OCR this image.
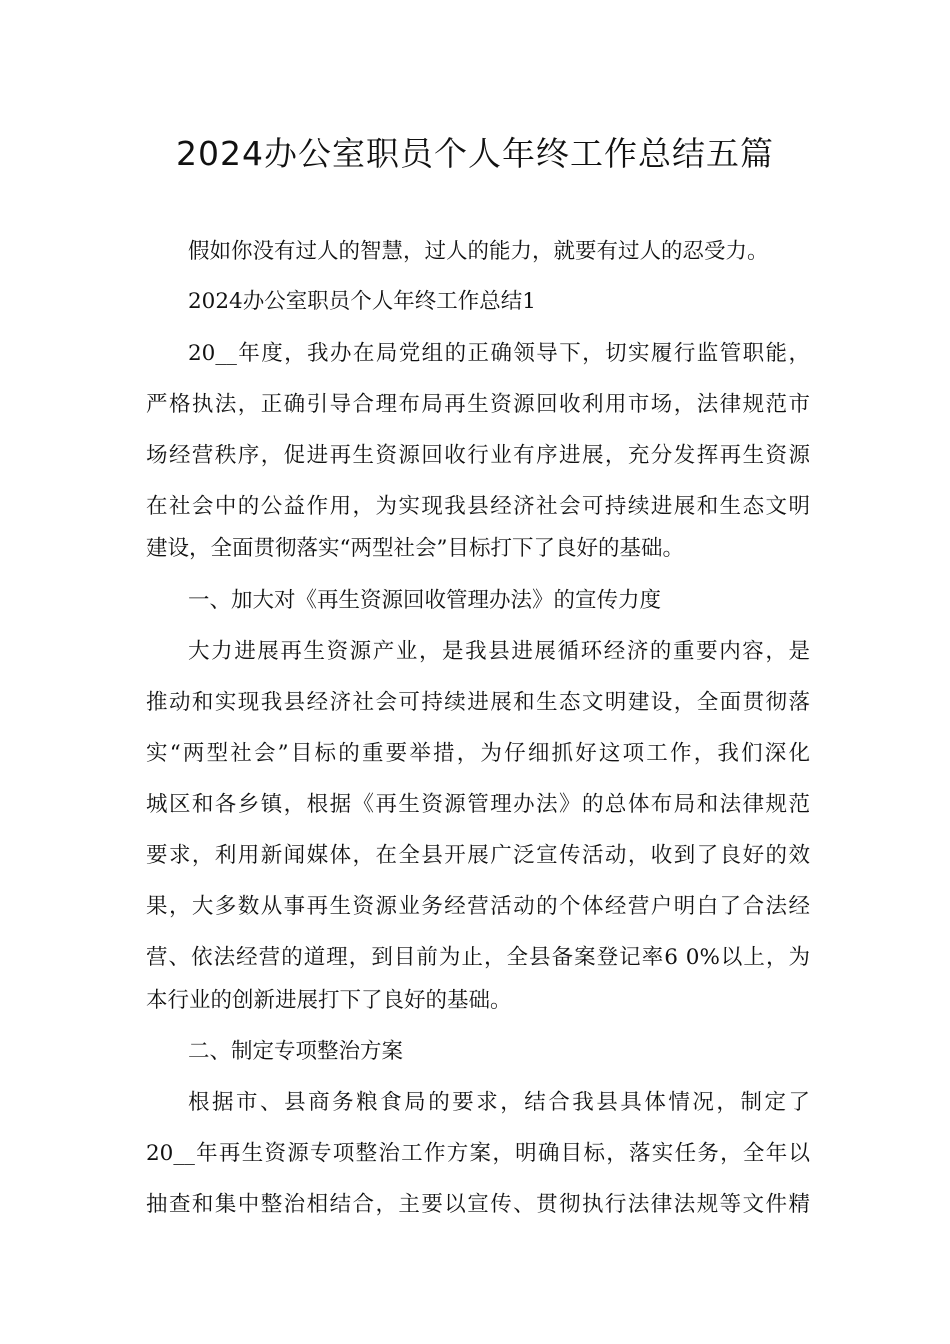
2024办公室职员个人年终工作总结五篇
假如你没有过人的智慧，过人的能力，就要有过人的忍受力。
2024办公室职员个人年终工作总结1
20__年度，我办在局党组的正确领导下，切实履行监管职能，
严格执法，正确引导合理布局再生资源回收利用市场，法律规范市
场经营秩序，促进再生资源回收行业有序进展，充分发挥再生资源
在社会中的公益作用，为实现我县经济社会可持续进展和生态文明
建设，全面贯彻落实“两型社会”目标打下了良好的基础。
一、加大对《再生资源回收管理办法》的宣传力度
大力进展再生资源产业，是我县进展循环经济的重要内容，是
推动和实现我县经济社会可持续进展和生态文明建设，全面贯彻落
实“两型社会”目标的重要举措，为仔细抓好这项工作，我们深化
城区和各乡镇，根据《再生资源管理办法》的总体布局和法律规范
要求，利用新闻媒体，在全县开展广泛宣传活动，收到了良好的效
果，大多数从事再生资源业务经营活动的个体经营户明白了合法经
营、依法经营的道理，到目前为止，全县备案登记率6 0%以上，为
本行业的创新进展打下了良好的基础。
二、制定专项整治方案
根据市、县商务粮食局的要求，结合我县具体情况，制定了
20__年再生资源专项整治工作方案，明确目标，落实任务，全年以
抽查和集中整治相结合，主要以宣传、贯彻执行法律法规等文件精
